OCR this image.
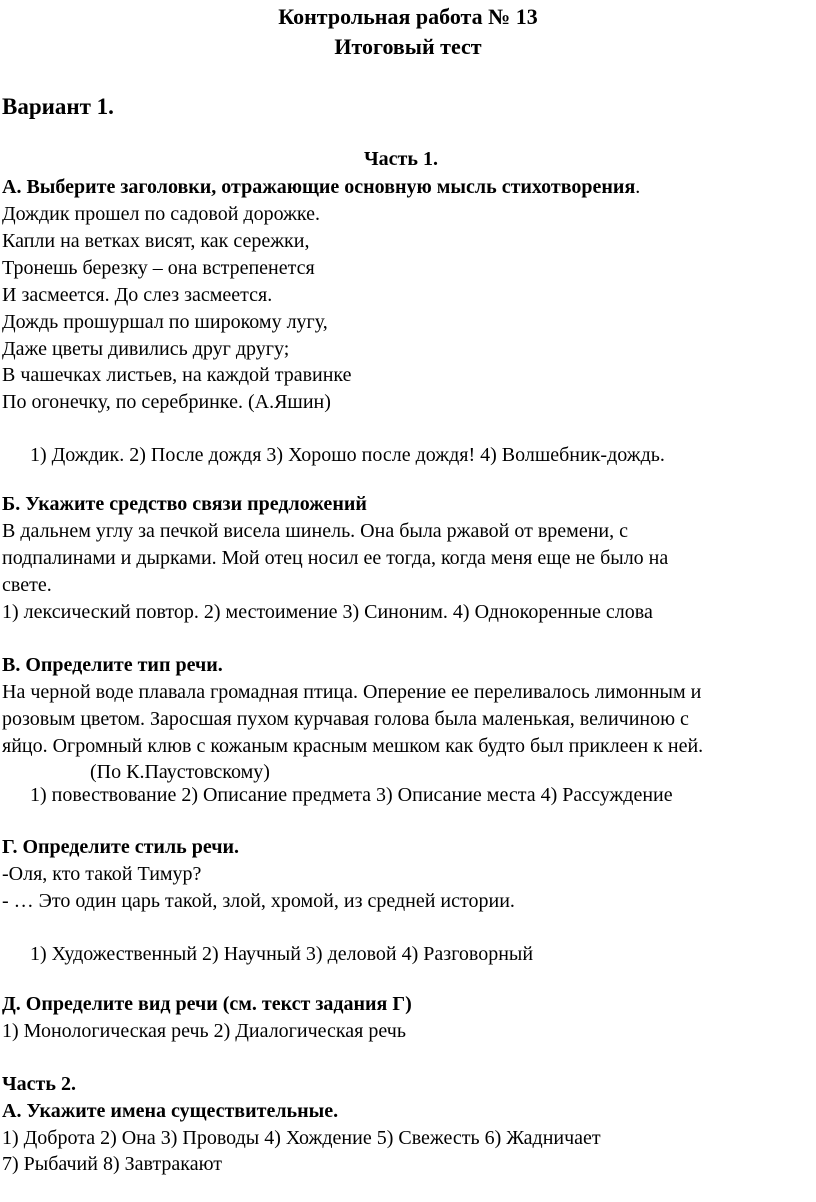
Контрольная работа № 13
Итоговый тест
Вариант 1.
Часть 1.
А. Выберите заголовки, отражающие основную мысль стихотворения.
Дождик прошел по садовой дорожке.
Капли на ветках висят, как сережки,
Тронешь березку – она встрепенется
И засмеется. До слез засмеется.
Дождь прошуршал по широкому лугу,
Даже цветы дивились друг другу;
В чашечках листьев, на каждой травинке
По огонечку, по серебринке. (А.Яшин)
1) Дождик. 2) После дождя 3) Хорошо после дождя! 4) Волшебник-дождь.
Б. Укажите средство связи предложений
В дальнем углу за печкой висела шинель. Она была ржавой от времени, с
подпалинами и дырками. Мой отец носил ее тогда, когда меня еще не было на
свете.
1) лексический повтор. 2) местоимение 3) Синоним. 4) Однокоренные слова
В. Определите тип речи.
На черной воде плавала громадная птица. Оперение ее переливалось лимонным и
розовым цветом. Заросшая пухом курчавая голова была маленькая, величиною с
яйцо. Огромный клюв с кожаным красным мешком как будто был приклеен к ней.
(По К.Паустовскому)
1) повествование 2) Описание предмета 3) Описание места 4) Рассуждение
Г. Определите стиль речи.
-Оля, кто такой Тимур?
- … Это один царь такой, злой, хромой, из средней истории.
1) Художественный 2) Научный 3) деловой 4) Разговорный
Д. Определите вид речи (см. текст задания Г)
1) Монологическая речь 2) Диалогическая речь
Часть 2.
А. Укажите имена существительные.
1) Доброта 2) Она 3) Проводы 4) Хождение 5) Свежесть 6) Жадничает
7) Рыбачий 8) Завтракают
